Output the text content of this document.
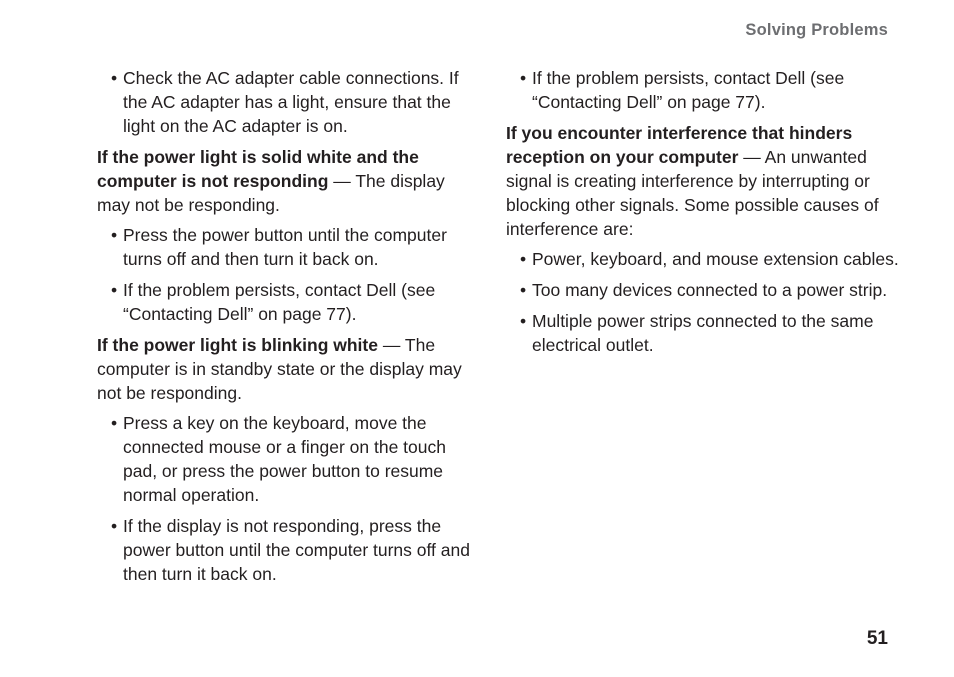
Solving Problems
• Check the AC adapter cable connections. If the AC adapter has a light, ensure that the light on the AC adapter is on.

If the power light is solid white and the computer is not responding — The display may not be responding.

• Press the power button until the computer turns off and then turn it back on.
• If the problem persists, contact Dell (see “Contacting Dell” on page 77).

If the power light is blinking white — The computer is in standby state or the display may not be responding.

• Press a key on the keyboard, move the connected mouse or a finger on the touch pad, or press the power button to resume normal operation.
• If the display is not responding, press the power button until the computer turns off and then turn it back on.
• If the problem persists, contact Dell (see “Contacting Dell” on page 77).

If you encounter interference that hinders reception on your computer — An unwanted signal is creating interference by interrupting or blocking other signals. Some possible causes of interference are:

• Power, keyboard, and mouse extension cables.
• Too many devices connected to a power strip.
• Multiple power strips connected to the same electrical outlet.
51
